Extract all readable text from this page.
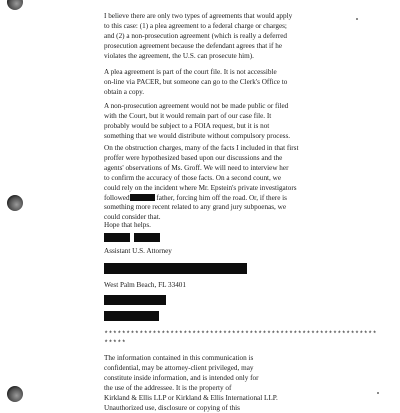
I believe there are only two types of agreements that would apply
to this case: (1) a plea agreement to a federal charge or charges;
and (2) a non-prosecution agreement (which is really a deferred
prosecution agreement because the defendant agrees that if he
violates the agreement, the U.S. can prosecute him).

A plea agreement is part of the court file. It is not accessible
on-line via PACER, but someone can go to the Clerk's Office to
obtain a copy.

A non-prosecution agreement would not be made public or filed
with the Court, but it would remain part of our case file. It
probably would be subject to a FOIA request, but it is not
something that we would distribute without compulsory process.

On the obstruction charges, many of the facts I included in that first
proffer were hypothesized based upon our discussions and the
agents' observations of Ms. Groff. We will need to interview her
to confirm the accuracy of those facts. On a second count, we
could rely on the incident where Mr. Epstein's private investigators
followed	father, forcing him off the road. Or, if there is
something more recent related to any grand jury subpoenas, we
could consider that.

Hope that helps.
Assistant U.S. Attorney
West Palm Beach, FL 33401
**************************************************************
*****

The information contained in this communication is
confidential, may be attorney-client privileged, may
constitute inside information, and is intended only for
the use of the addressee. It is the property of
Kirkland & Ellis LLP or Kirkland & Ellis International LLP.
Unauthorized use, disclosure or copying of this
